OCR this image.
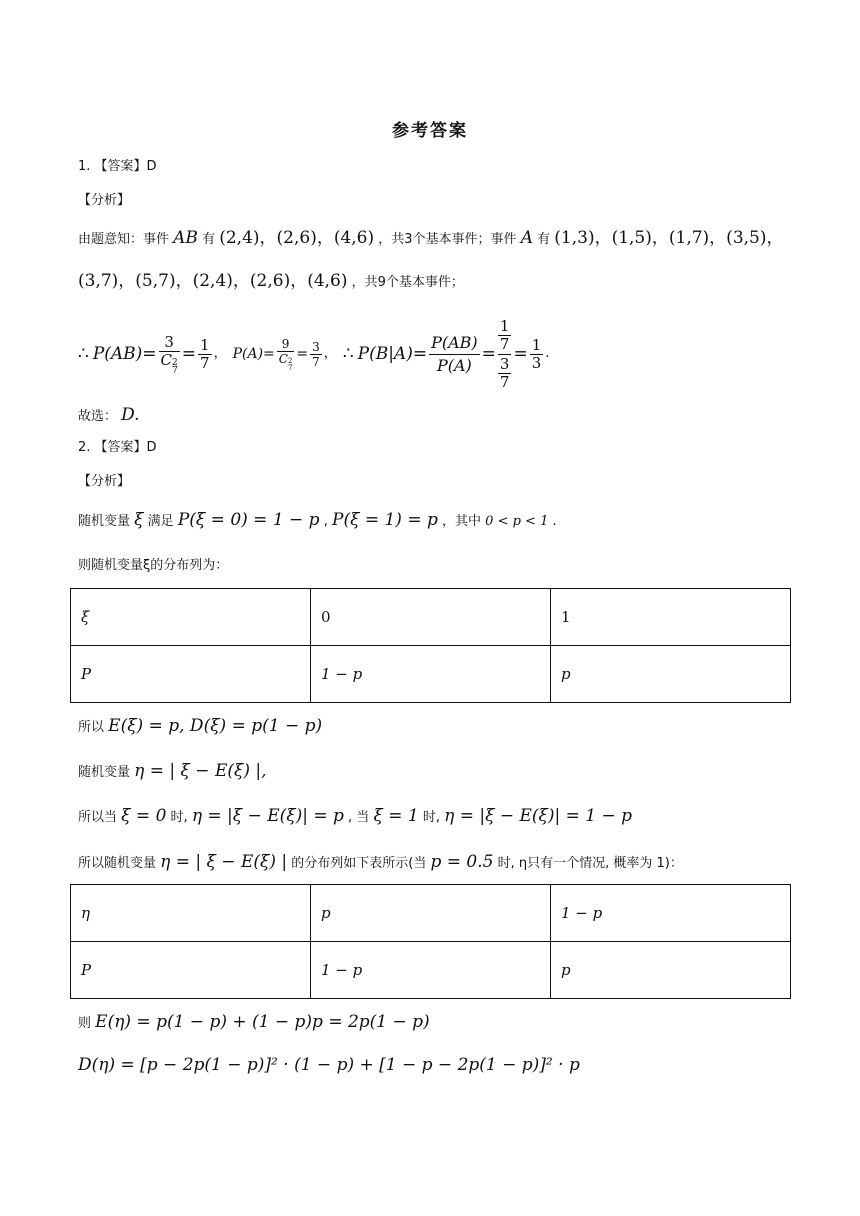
参考答案
1. 【答案】D
【分析】
由题意知：事件 AB 有 (2,4)，(2,6)，(4,6) ，共3个基本事件；事件 A 有 (1,3)，(1,5)，(1,7)，(3,5)，
(3,7)，(5,7)，(2,4)，(2,6)，(4,6) ，共9个基本事件；
∴ P(AB)= 3
C 2
$7 = \frac{1}{7}$ ， P(A)= 9
C 2
$7 = \frac{3}{7}$ ， ∴ $P(B|A)= \frac{P(AB)}{P(A)} = \frac{\frac{1}{7}}{\frac{3}{7}} = \frac{1}{3}$ .
故选： D.
2. 【答案】D
【分析】
随机变量 ξ 满足 P(ξ = 0) = 1 − p , P(ξ = 1) = p ，其中 0 < p < 1 .
则随机变量ξ的分布列为：
ξ	0	1
P	1 − p	p
所以 E(ξ) = p, D(ξ) = p(1 − p)
随机变量 η = | ξ − E(ξ) |,
所以当 ξ = 0 时, η = |ξ − E(ξ)| = p , 当 ξ = 1 时, η = |ξ − E(ξ)| = 1 − p
所以随机变量 η = | ξ − E(ξ) | 的分布列如下表所示(当 p = 0.5 时, η只有一个情况, 概率为 1)：
η	p	1 − p
P	1 − p	p
则 E(η) = p(1 − p) + (1 − p)p = 2p(1 − p)
D(η) = [p − 2p(1 − p)]² · (1 − p) + [1 − p − 2p(1 − p)]² · p
